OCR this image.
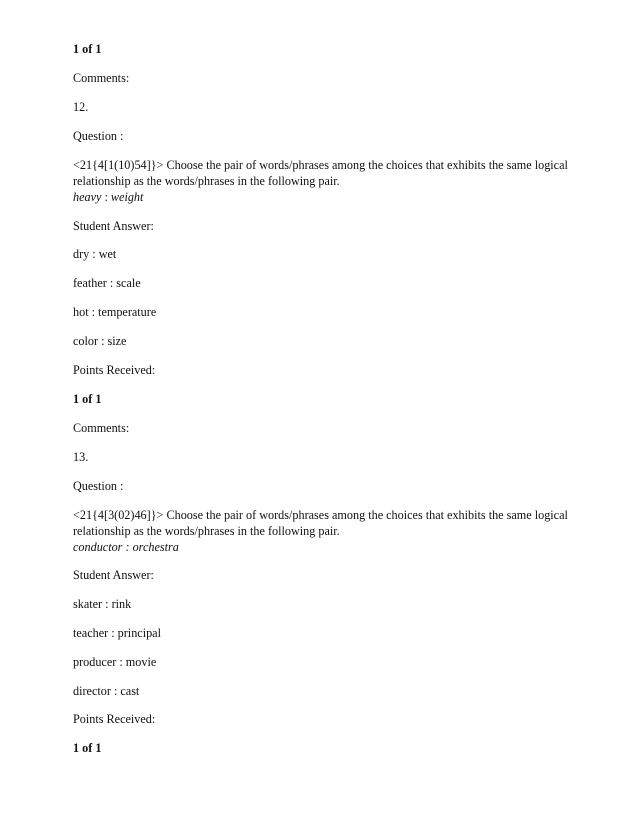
1 of 1
Comments:
12.
Question :
<21{4[1(10)54]}> Choose the pair of words/phrases among the choices that exhibits the same logical
relationship as the words/phrases in the following pair.
heavy : weight
Student Answer:
dry : wet
feather : scale
hot : temperature
color : size
Points Received:
1 of 1
Comments:
13.
Question :
<21{4[3(02)46]}> Choose the pair of words/phrases among the choices that exhibits the same logical
relationship as the words/phrases in the following pair.
conductor : orchestra
Student Answer:
skater : rink
teacher : principal
producer : movie
director : cast
Points Received:
1 of 1
